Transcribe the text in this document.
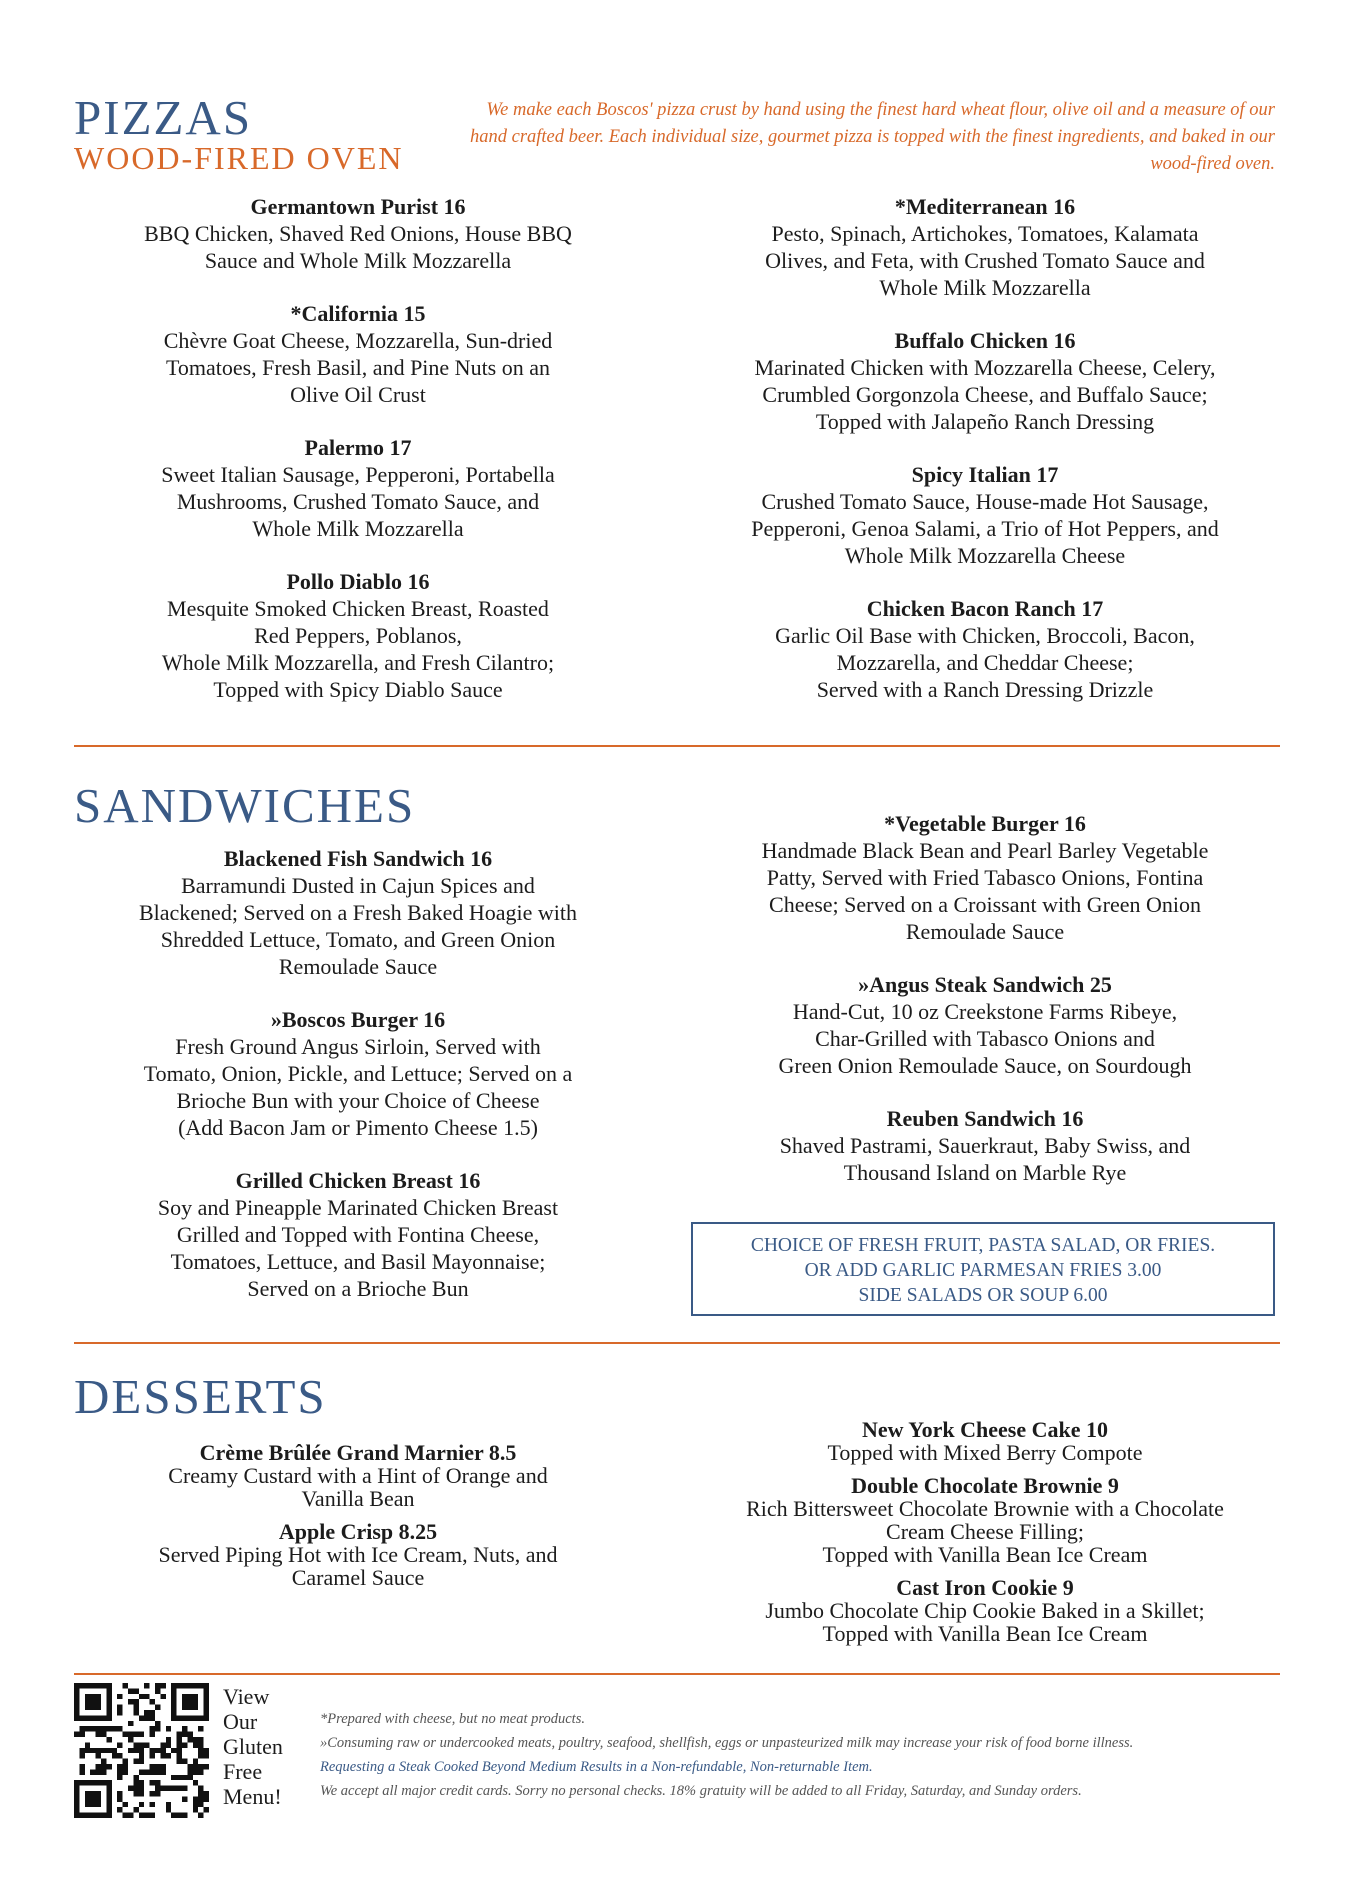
PIZZAS
WOOD-FIRED OVEN
We make each Boscos' pizza crust by hand using the finest hard wheat flour, olive oil and a measure of our hand crafted beer. Each individual size, gourmet pizza is topped with the finest ingredients, and baked in our wood-fired oven.
Germantown Purist 16
BBQ Chicken, Shaved Red Onions, House BBQ
Sauce and Whole Milk Mozzarella
*California 15
Chèvre Goat Cheese, Mozzarella, Sun-dried
Tomatoes, Fresh Basil, and Pine Nuts on an
Olive Oil Crust
Palermo 17
Sweet Italian Sausage, Pepperoni, Portabella
Mushrooms, Crushed Tomato Sauce, and
Whole Milk Mozzarella
Pollo Diablo 16
Mesquite Smoked Chicken Breast, Roasted
Red Peppers, Poblanos,
Whole Milk Mozzarella, and Fresh Cilantro;
Topped with Spicy Diablo Sauce
*Mediterranean 16
Pesto, Spinach, Artichokes, Tomatoes, Kalamata
Olives, and Feta, with Crushed Tomato Sauce and
Whole Milk Mozzarella
Buffalo Chicken 16
Marinated Chicken with Mozzarella Cheese, Celery,
Crumbled Gorgonzola Cheese, and Buffalo Sauce;
Topped with Jalapeño Ranch Dressing
Spicy Italian 17
Crushed Tomato Sauce, House-made Hot Sausage,
Pepperoni, Genoa Salami, a Trio of Hot Peppers, and
Whole Milk Mozzarella Cheese
Chicken Bacon Ranch 17
Garlic Oil Base with Chicken, Broccoli, Bacon,
Mozzarella, and Cheddar Cheese;
Served with a Ranch Dressing Drizzle
SANDWICHES
Blackened Fish Sandwich 16
Barramundi Dusted in Cajun Spices and
Blackened; Served on a Fresh Baked Hoagie with
Shredded Lettuce, Tomato, and Green Onion
Remoulade Sauce
»Boscos Burger 16
Fresh Ground Angus Sirloin, Served with
Tomato, Onion, Pickle, and Lettuce; Served on a
Brioche Bun with your Choice of Cheese
(Add Bacon Jam or Pimento Cheese 1.5)
Grilled Chicken Breast 16
Soy and Pineapple Marinated Chicken Breast
Grilled and Topped with Fontina Cheese,
Tomatoes, Lettuce, and Basil Mayonnaise;
Served on a Brioche Bun
*Vegetable Burger 16
Handmade Black Bean and Pearl Barley Vegetable
Patty, Served with Fried Tabasco Onions, Fontina
Cheese; Served on a Croissant with Green Onion
Remoulade Sauce
»Angus Steak Sandwich 25
Hand-Cut, 10 oz Creekstone Farms Ribeye,
Char-Grilled with Tabasco Onions and
Green Onion Remoulade Sauce, on Sourdough
Reuben Sandwich 16
Shaved Pastrami, Sauerkraut, Baby Swiss, and
Thousand Island on Marble Rye
CHOICE OF FRESH FRUIT, PASTA SALAD, OR FRIES.
OR ADD GARLIC PARMESAN FRIES 3.00
SIDE SALADS OR SOUP 6.00
DESSERTS
Crème Brûlée Grand Marnier 8.5
Creamy Custard with a Hint of Orange and
Vanilla Bean
Apple Crisp 8.25
Served Piping Hot with Ice Cream, Nuts, and
Caramel Sauce
New York Cheese Cake 10
Topped with Mixed Berry Compote
Double Chocolate Brownie 9
Rich Bittersweet Chocolate Brownie with a Chocolate
Cream Cheese Filling;
Topped with Vanilla Bean Ice Cream
Cast Iron Cookie 9
Jumbo Chocolate Chip Cookie Baked in a Skillet;
Topped with Vanilla Bean Ice Cream
View
Our
Gluten
Free
Menu!
*Prepared with cheese, but no meat products.
»Consuming raw or undercooked meats, poultry, seafood, shellfish, eggs or unpasteurized milk may increase your risk of food borne illness.
Requesting a Steak Cooked Beyond Medium Results in a Non-refundable, Non-returnable Item.
We accept all major credit cards. Sorry no personal checks. 18% gratuity will be added to all Friday, Saturday, and Sunday orders.
